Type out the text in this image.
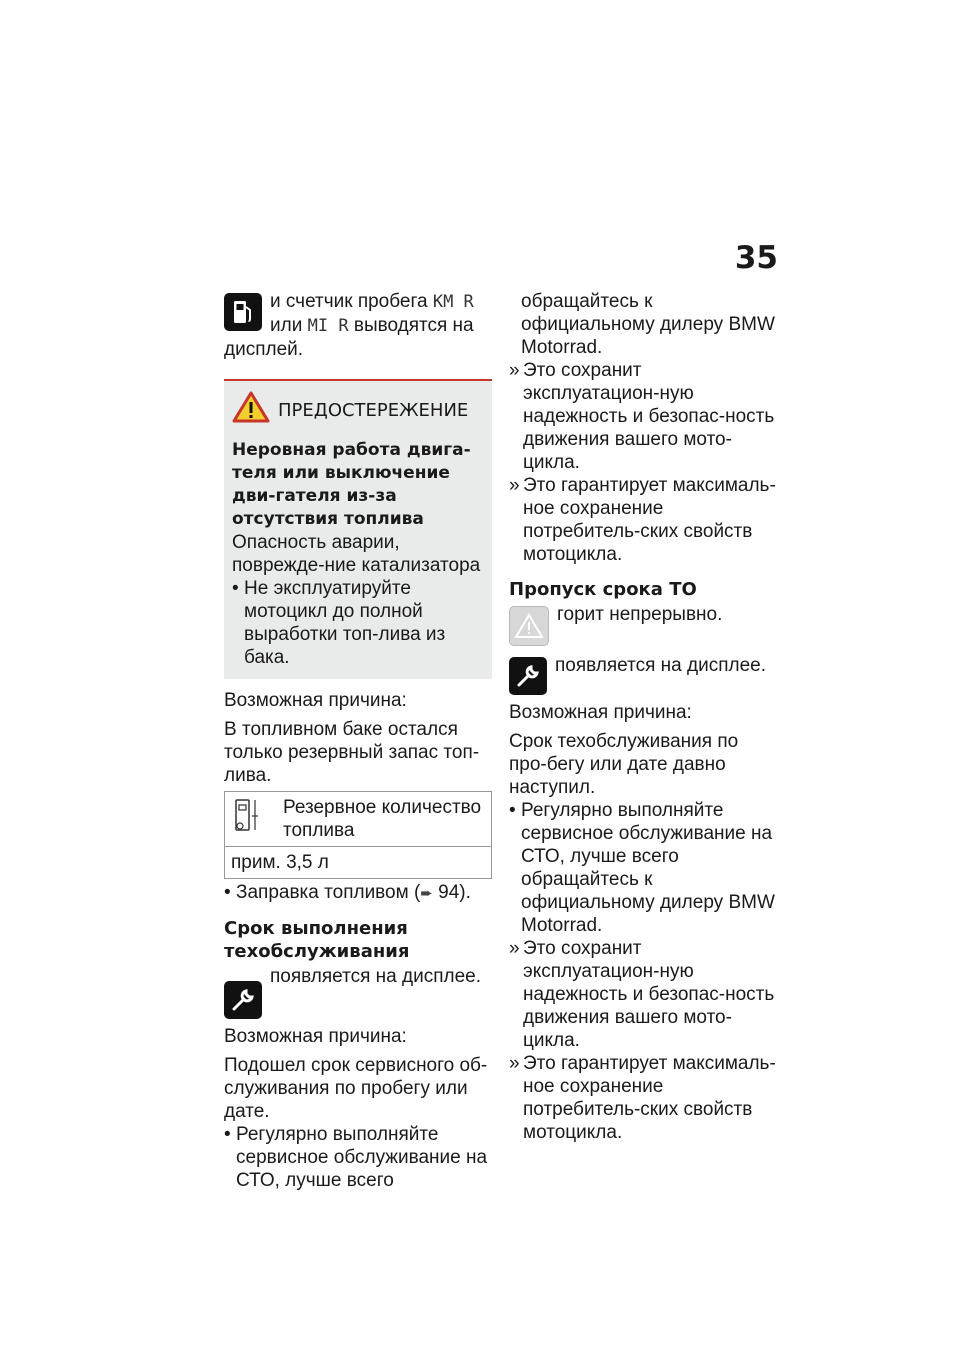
35

и счетчик пробега KM R
или MI R выводятся на
дисплей.

ПРЕДОСТЕРЕЖЕНИЕ

Неровная работа двига-теля или выключение дви-гателя из-за отсутствия топлива

Опасность аварии, поврежде-ние катализатора

• Не эксплуатируйте мотоцикл до полной выработки топ-лива из бака.

Возможная причина:

В топливном баке остался только резервный запас топ-лива.

	Резервное количество топлива
прим. 3,5 л

• Заправка топливом (➨ 94).

Срок выполнения техобслуживания

появляется на дисплее.

Возможная причина:

Подошел срок сервисного об-служивания по пробегу или дате.

• Регулярно выполняйте сервисное обслуживание на СТО, лучше всего

обращайтесь к официальному дилеру BMW Motorrad.

» Это сохранит эксплуатацион-ную надежность и безопас-ность движения вашего мото-цикла.

» Это гарантирует максималь-ное сохранение потребитель-ских свойств мотоцикла.

Пропуск срока ТО

горит непрерывно.

появляется на дисплее.

Возможная причина:

Срок техобслуживания по про-бегу или дате давно наступил.

• Регулярно выполняйте сервисное обслуживание на СТО, лучше всего обращайтесь к официальному дилеру BMW Motorrad.

» Это сохранит эксплуатацион-ную надежность и безопас-ность движения вашего мото-цикла.

» Это гарантирует максималь-ное сохранение потребитель-ских свойств мотоцикла.
